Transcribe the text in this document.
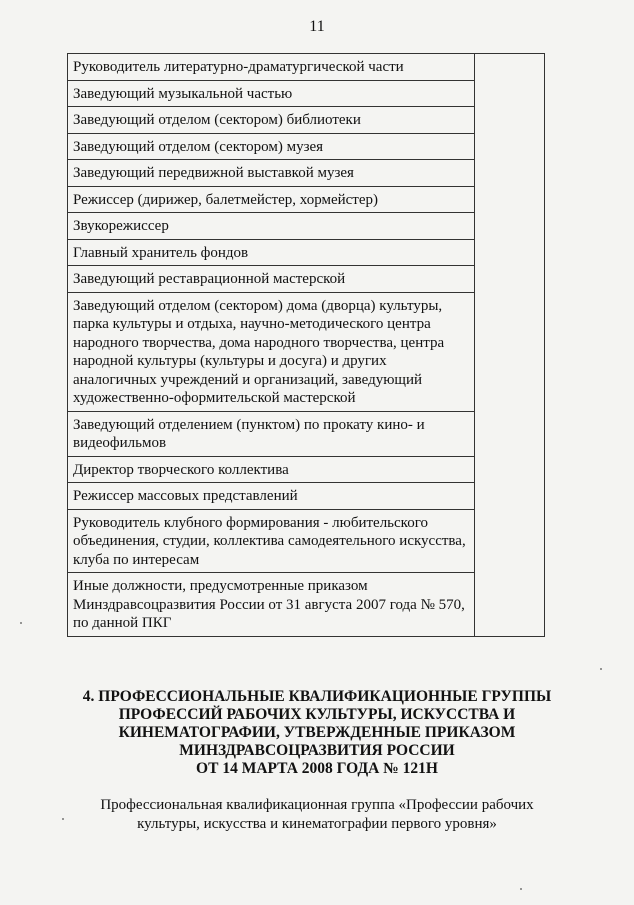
11
Руководитель литературно-драматургической части	
Заведующий музыкальной частью
Заведующий отделом (сектором) библиотеки
Заведующий отделом (сектором) музея
Заведующий передвижной выставкой музея
Режиссер (дирижер, балетмейстер, хормейстер)
Звукорежиссер
Главный хранитель фондов
Заведующий реставрационной мастерской
Заведующий отделом (сектором) дома (дворца) культуры, парка культуры и отдыха, научно-методического центра народного творчества, дома народного творчества, центра народной культуры (культуры и досуга) и других аналогичных учреждений и организаций, заведующий художественно-оформительской мастерской
Заведующий отделением (пунктом) по прокату кино- и видеофильмов
Директор творческого коллектива
Режиссер массовых представлений
Руководитель клубного формирования - любительского объединения, студии, коллектива самодеятельного искусства, клуба по интересам
Иные должности, предусмотренные приказом Минздравсоцразвития России от 31 августа 2007 года № 570, по данной ПКГ
4. ПРОФЕССИОНАЛЬНЫЕ КВАЛИФИКАЦИОННЫЕ ГРУППЫ
ПРОФЕССИЙ РАБОЧИХ КУЛЬТУРЫ, ИСКУССТВА И
КИНЕМАТОГРАФИИ, УТВЕРЖДЕННЫЕ ПРИКАЗОМ
МИНЗДРАВСОЦРАЗВИТИЯ РОССИИ
ОТ 14 МАРТА 2008 ГОДА № 121Н
Профессиональная квалификационная группа «Профессии рабочих
культуры, искусства и кинематографии первого уровня»
